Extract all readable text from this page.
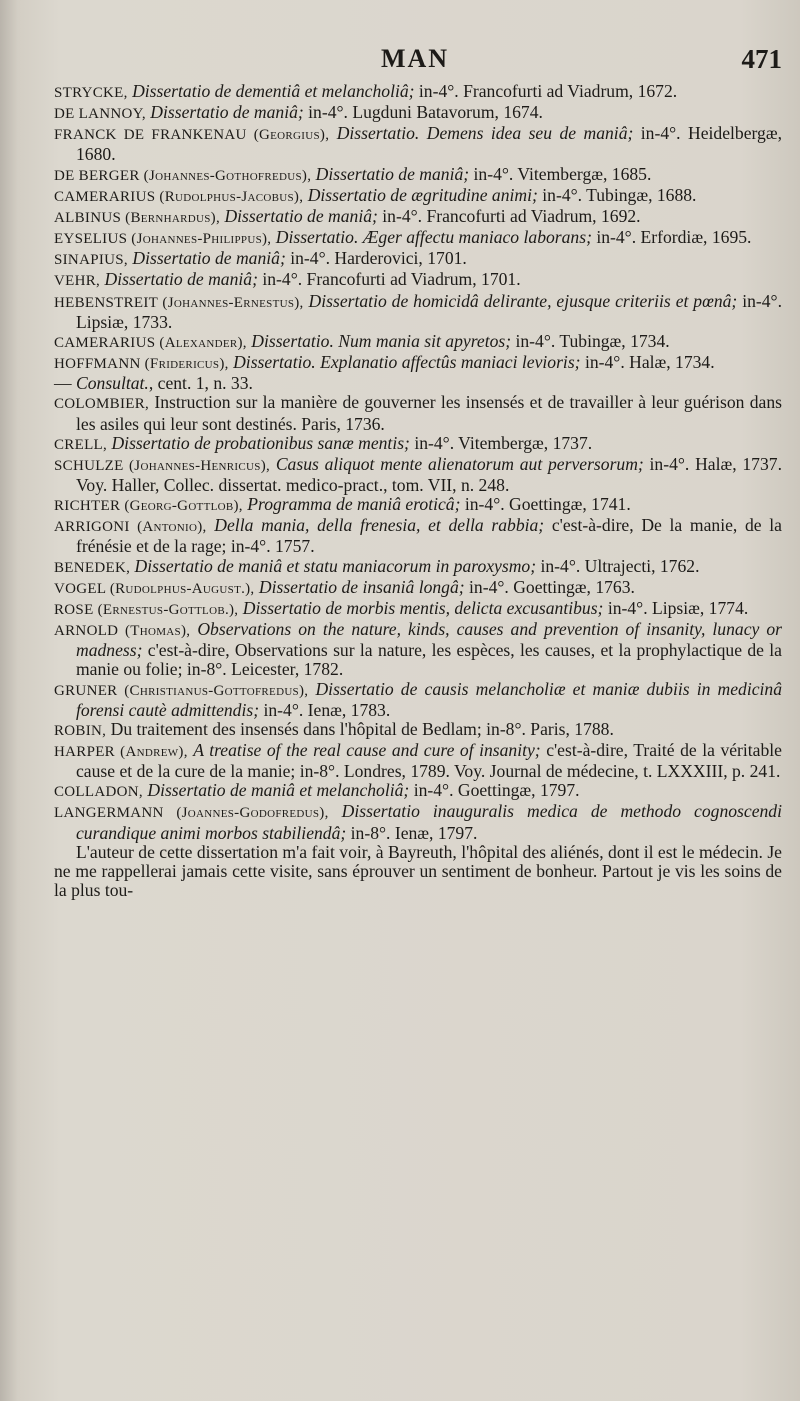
MAN	471

STRYCKE, Dissertatio de dementiâ et melancholiâ; in-4°. Francofurti ad Viadrum, 1672.

DE LANNOY, Dissertatio de maniâ; in-4°. Lugduni Batavorum, 1674.

FRANCK DE FRANKENAU (Georgius), Dissertatio. Demens idea seu de maniâ; in-4°. Heidelbergæ, 1680.

DE BERGER (Johannes-Gothofredus), Dissertatio de maniâ; in-4°. Vitembergæ, 1685.

CAMERARIUS (Rudolphus-Jacobus), Dissertatio de ægritudine animi; in-4°. Tubingæ, 1688.

ALBINUS (Bernhardus), Dissertatio de maniâ; in-4°. Francofurti ad Viadrum, 1692.

EYSELIUS (Johannes-Philippus), Dissertatio. Æger affectu maniaco laborans; in-4°. Erfordiæ, 1695.

SINAPIUS, Dissertatio de maniâ; in-4°. Harderovici, 1701.

VEHR, Dissertatio de maniâ; in-4°. Francofurti ad Viadrum, 1701.

HEBENSTREIT (Johannes-Ernestus), Dissertatio de homicidâ delirante, ejusque criteriis et pœnâ; in-4°. Lipsiæ, 1733.

CAMERARIUS (Alexander), Dissertatio. Num mania sit apyretos; in-4°. Tubingæ, 1734.

HOFFMANN (Fridericus), Dissertatio. Explanatio affectûs maniaci levioris; in-4°. Halæ, 1734.

— Consultat., cent. 1, n. 33.

COLOMBIER, Instruction sur la manière de gouverner les insensés et de travailler à leur guérison dans les asiles qui leur sont destinés. Paris, 1736.

CRELL, Dissertatio de probationibus sanæ mentis; in-4°. Vitembergæ, 1737.

SCHULZE (Johannes-Henricus), Casus aliquot mente alienatorum aut perversorum; in-4°. Halæ, 1737. Voy. Haller, Collec. dissertat. medico-pract., tom. VII, n. 248.

RICHTER (Georg-Gottlob), Programma de maniâ eroticâ; in-4°. Goettingæ, 1741.

ARRIGONI (Antonio), Della mania, della frenesia, et della rabbia; c'est-à-dire, De la manie, de la frénésie et de la rage; in-4°. 1757.

BENEDEK, Dissertatio de maniâ et statu maniacorum in paroxysmo; in-4°. Ultrajecti, 1762.

VOGEL (Rudolphus-August.), Dissertatio de insaniâ longâ; in-4°. Goettingæ, 1763.

ROSE (Ernestus-Gottlob.), Dissertatio de morbis mentis, delicta excusantibus; in-4°. Lipsiæ, 1774.

ARNOLD (Thomas), Observations on the nature, kinds, causes and prevention of insanity, lunacy or madness; c'est-à-dire, Observations sur la nature, les espèces, les causes, et la prophylactique de la manie ou folie; in-8°. Leicester, 1782.

GRUNER (Christianus-Gottofredus), Dissertatio de causis melancholiæ et maniæ dubiis in medicinâ forensi cautè admittendis; in-4°. Ienæ, 1783.

ROBIN, Du traitement des insensés dans l'hôpital de Bedlam; in-8°. Paris, 1788.

HARPER (Andrew), A treatise of the real cause and cure of insanity; c'est-à-dire, Traité de la véritable cause et de la cure de la manie; in-8°. Londres, 1789. Voy. Journal de médecine, t. LXXXIII, p. 241.

COLLADON, Dissertatio de maniâ et melancholiâ; in-4°. Goettingæ, 1797.

LANGERMANN (Joannes-Godofredus), Dissertatio inauguralis medica de methodo cognoscendi curandique animi morbos stabiliendâ; in-8°. Ienæ, 1797.

L'auteur de cette dissertation m'a fait voir, à Bayreuth, l'hôpital des aliénés, dont il est le médecin. Je ne me rappellerai jamais cette visite, sans éprouver un sentiment de bonheur. Partout je vis les soins de la plus tou-
